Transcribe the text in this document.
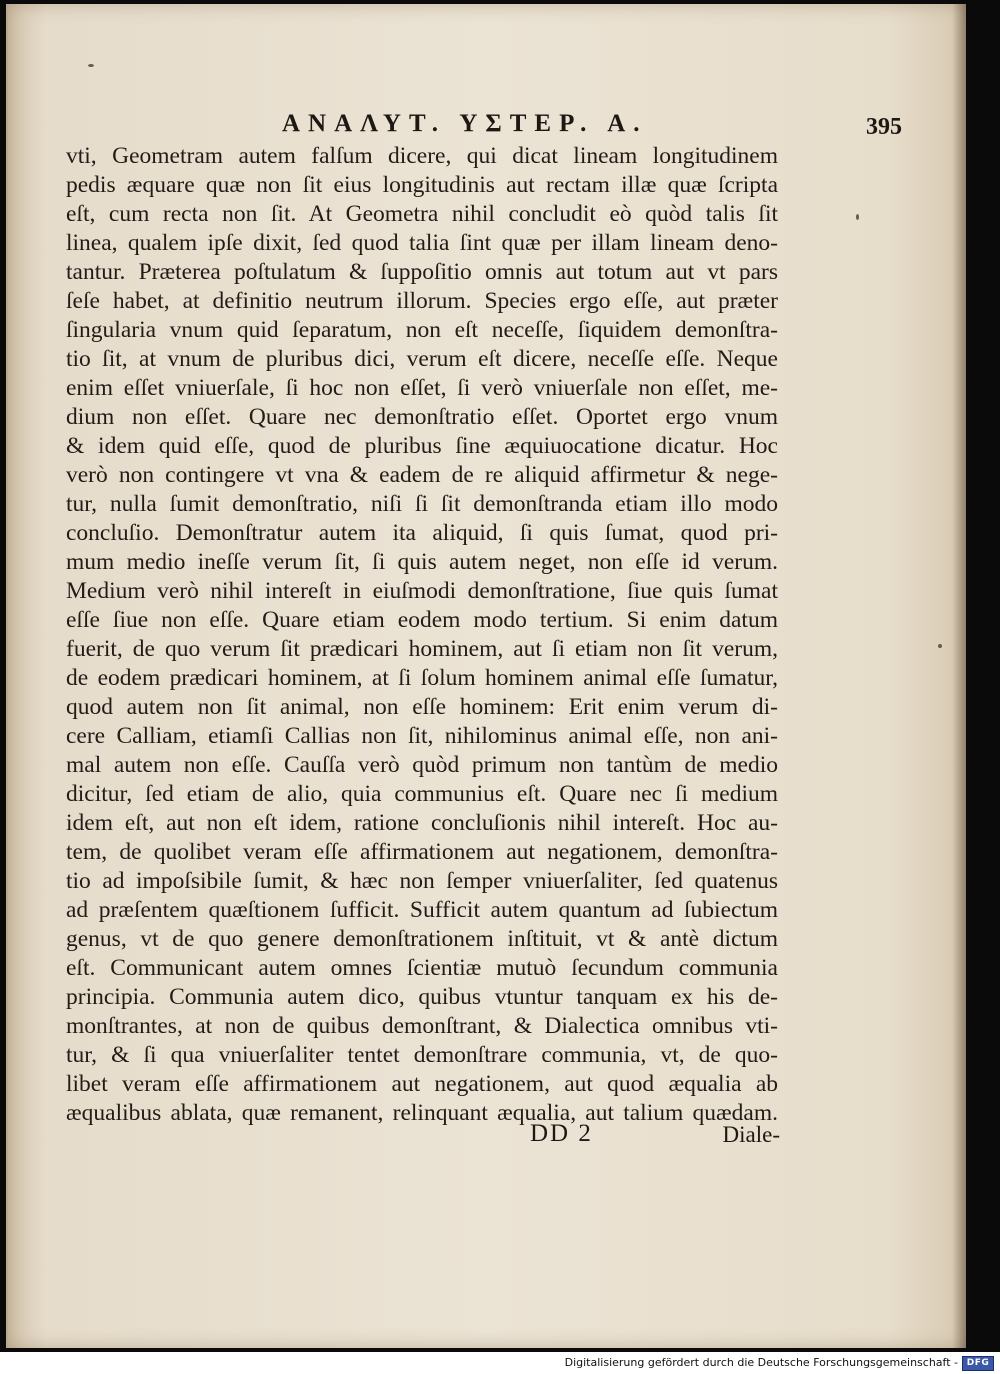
ΑΝΑΛΥΤ. ΥΣΤΕΡ. Α.	395
vti, Geometram autem falſum dicere, qui dicat lineam longitudinem
pedis æquare quæ non ſit eius longitudinis aut rectam illæ quæ ſcripta
eſt, cum recta non ſit. At Geometra nihil concludit eò quòd talis ſit
linea, qualem ipſe dixit, ſed quod talia ſint quæ per illam lineam deno-
tantur. Præterea poſtulatum & ſuppoſitio omnis aut totum aut vt pars
ſeſe habet, at definitio neutrum illorum. Species ergo eſſe, aut præter
ſingularia vnum quid ſeparatum, non eſt neceſſe, ſiquidem demonſtra-
tio ſit, at vnum de pluribus dici, verum eſt dicere, neceſſe eſſe. Neque
enim eſſet vniuerſale, ſi hoc non eſſet, ſi verò vniuerſale non eſſet, me-
dium non eſſet. Quare nec demonſtratio eſſet. Oportet ergo vnum
& idem quid eſſe, quod de pluribus ſine æquiuocatione dicatur. Hoc
verò non contingere vt vna & eadem de re aliquid affirmetur & nege-
tur, nulla ſumit demonſtratio, niſi ſi ſit demonſtranda etiam illo modo
concluſio. Demonſtratur autem ita aliquid, ſi quis ſumat, quod pri-
mum medio ineſſe verum ſit, ſi quis autem neget, non eſſe id verum.
Medium verò nihil intereſt in eiuſmodi demonſtratione, ſiue quis ſumat
eſſe ſiue non eſſe. Quare etiam eodem modo tertium. Si enim datum
fuerit, de quo verum ſit prædicari hominem, aut ſi etiam non ſit verum,
de eodem prædicari hominem, at ſi ſolum hominem animal eſſe ſumatur,
quod autem non ſit animal, non eſſe hominem: Erit enim verum di-
cere Calliam, etiamſi Callias non ſit, nihilominus animal eſſe, non ani-
mal autem non eſſe. Cauſſa verò quòd primum non tantùm de medio
dicitur, ſed etiam de alio, quia communius eſt. Quare nec ſi medium
idem eſt, aut non eſt idem, ratione concluſionis nihil intereſt. Hoc au-
tem, de quolibet veram eſſe affirmationem aut negationem, demonſtra-
tio ad impoſsibile ſumit, & hæc non ſemper vniuerſaliter, ſed quatenus
ad præſentem quæſtionem ſufficit. Sufficit autem quantum ad ſubiectum
genus, vt de quo genere demonſtrationem inſtituit, vt & antè dictum
eſt. Communicant autem omnes ſcientiæ mutuò ſecundum communia
principia. Communia autem dico, quibus vtuntur tanquam ex his de-
monſtrantes, at non de quibus demonſtrant, & Dialectica omnibus vti-
tur, & ſi qua vniuerſaliter tentet demonſtrare communia, vt, de quo-
libet veram eſſe affirmationem aut negationem, aut quod æqualia ab
æqualibus ablata, quæ remanent, relinquant æqualia, aut talium quædam.
DD 2	Diale-
Digitalisierung gefördert durch die Deutsche Forschungsgemeinschaft - DFG
